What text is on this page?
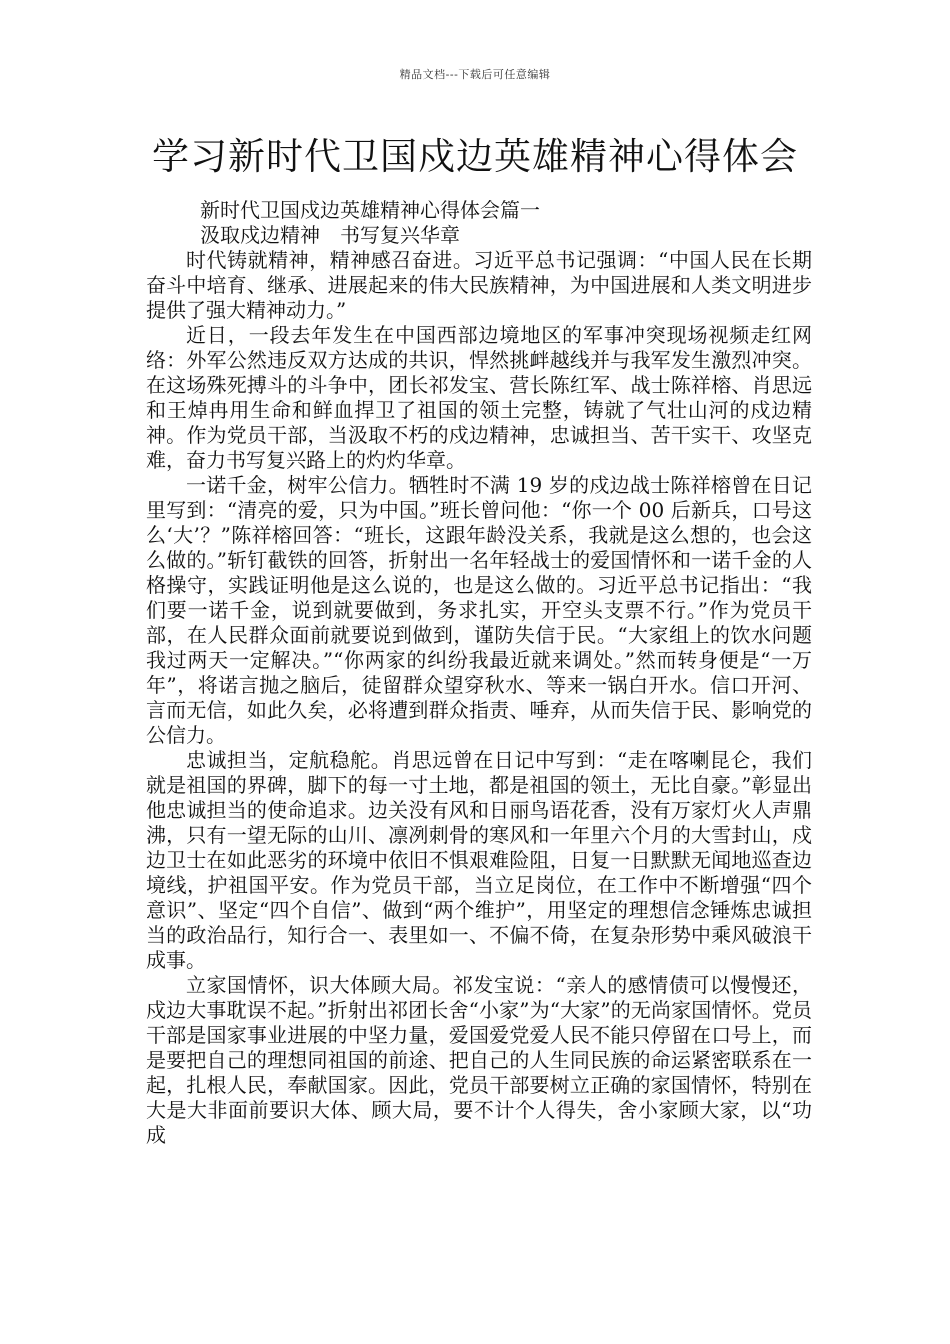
精品文档---下载后可任意编辑
学习新时代卫国戍边英雄精神心得体会

新时代卫国戍边英雄精神心得体会篇一

汲取戍边精神　书写复兴华章

时代铸就精神，精神感召奋进。习近平总书记强调：“中国人民在长期奋斗中培育、继承、进展起来的伟大民族精神，为中国进展和人类文明进步提供了强大精神动力。”

近日，一段去年发生在中国西部边境地区的军事冲突现场视频走红网络：外军公然违反双方达成的共识，悍然挑衅越线并与我军发生激烈冲突。在这场殊死搏斗的斗争中，团长祁发宝、营长陈红军、战士陈祥榕、肖思远和王焯冉用生命和鲜血捍卫了祖国的领土完整，铸就了气壮山河的戍边精神。作为党员干部，当汲取不朽的戍边精神，忠诚担当、苦干实干、攻坚克难，奋力书写复兴路上的灼灼华章。

一诺千金，树牢公信力。牺牲时不满 19 岁的戍边战士陈祥榕曾在日记里写到：“清亮的爱，只为中国。”班长曾问他：“你一个 00 后新兵，口号这么‘大’？”陈祥榕回答：“班长，这跟年龄没关系，我就是这么想的，也会这么做的。”斩钉截铁的回答，折射出一名年轻战士的爱国情怀和一诺千金的人格操守，实践证明他是这么说的，也是这么做的。习近平总书记指出：“我们要一诺千金，说到就要做到，务求扎实，开空头支票不行。”作为党员干部，在人民群众面前就要说到做到，谨防失信于民。“大家组上的饮水问题我过两天一定解决。”“你两家的纠纷我最近就来调处。”然而转身便是“一万年”，将诺言抛之脑后，徒留群众望穿秋水、等来一锅白开水。信口开河、言而无信，如此久矣，必将遭到群众指责、唾弃，从而失信于民、影响党的公信力。

忠诚担当，定航稳舵。肖思远曾在日记中写到：“走在喀喇昆仑，我们就是祖国的界碑，脚下的每一寸土地，都是祖国的领土，无比自豪。”彰显出他忠诚担当的使命追求。边关没有风和日丽鸟语花香，没有万家灯火人声鼎沸，只有一望无际的山川、凛冽刺骨的寒风和一年里六个月的大雪封山，戍边卫士在如此恶劣的环境中依旧不惧艰难险阻，日复一日默默无闻地巡查边境线，护祖国平安。作为党员干部，当立足岗位，在工作中不断增强“四个意识”、坚定“四个自信”、做到“两个维护”，用坚定的理想信念锤炼忠诚担当的政治品行，知行合一、表里如一、不偏不倚，在复杂形势中乘风破浪干成事。

立家国情怀，识大体顾大局。祁发宝说：“亲人的感情债可以慢慢还，戍边大事耽误不起。”折射出祁团长舍“小家”为“大家”的无尚家国情怀。党员干部是国家事业进展的中坚力量，爱国爱党爱人民不能只停留在口号上，而是要把自己的理想同祖国的前途、把自己的人生同民族的命运紧密联系在一起，扎根人民，奉献国家。因此，党员干部要树立正确的家国情怀，特别在大是大非面前要识大体、顾大局，要不计个人得失，舍小家顾大家，以“功成
